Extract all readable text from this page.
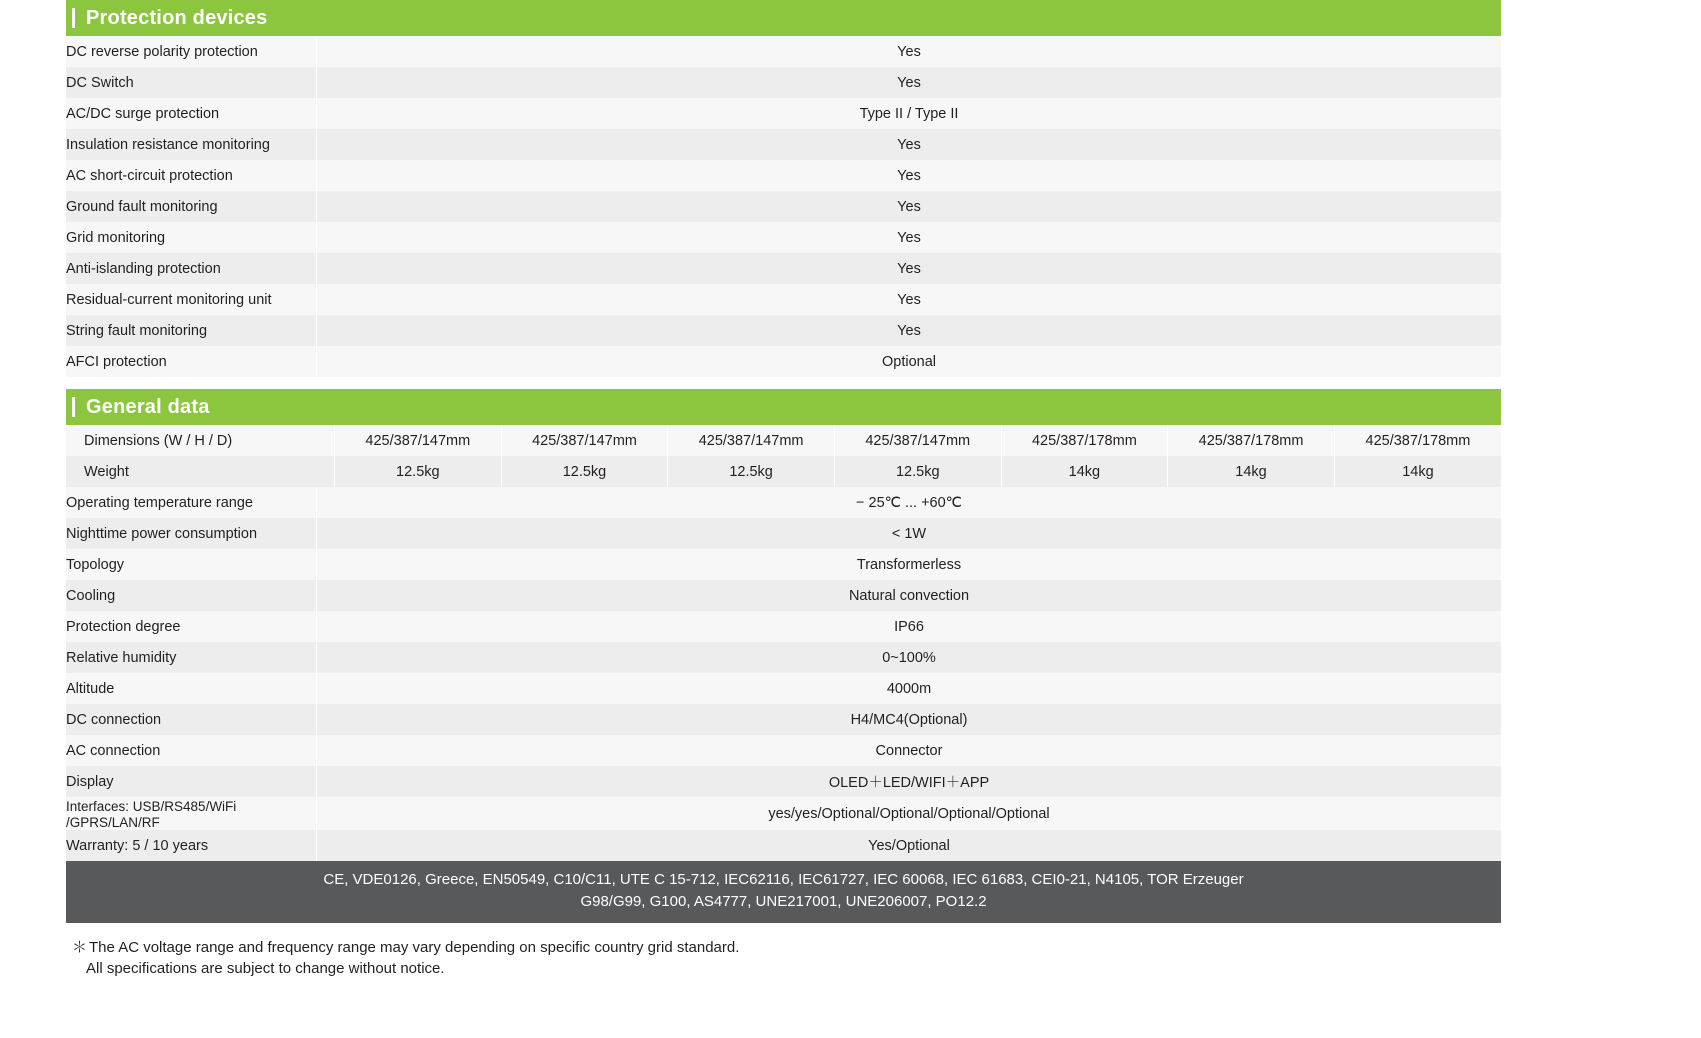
Protection devices
DC reverse polarity protection	Yes
DC Switch	Yes
AC/DC surge protection	Type II / Type II
Insulation resistance monitoring	Yes
AC short-circuit protection	Yes
Ground fault monitoring	Yes
Grid monitoring	Yes
Anti-islanding protection	Yes
Residual-current monitoring unit	Yes
String fault monitoring	Yes
AFCI protection	Optional
General data
Dimensions (W / H / D)	425/387/147mm	425/387/147mm	425/387/147mm	425/387/147mm	425/387/178mm	425/387/178mm	425/387/178mm
Weight	12.5kg	12.5kg	12.5kg	12.5kg	14kg	14kg	14kg
Operating temperature range	− 25℃ ... +60℃
Nighttime power consumption	< 1W
Topology	Transformerless
Cooling	Natural convection
Protection degree	IP66
Relative humidity	0~100%
Altitude	4000m
DC connection	H4/MC4(Optional)
AC connection	Connector
Display	OLED＋LED/WIFI＋APP
Interfaces: USB/RS485/WiFi /GPRS/LAN/RF	yes/yes/Optional/Optional/Optional/Optional
Warranty: 5 / 10 years	Yes/Optional
CE, VDE0126, Greece, EN50549, C10/C11, UTE C 15-712, IEC62116, IEC61727, IEC 60068, IEC 61683, CEI0-21, N4105, TOR Erzeuger
G98/G99, G100, AS4777, UNE217001, UNE206007, PO12.2
＊ The AC voltage range and frequency range may vary depending on specific country grid standard.
All specifications are subject to change without notice.
